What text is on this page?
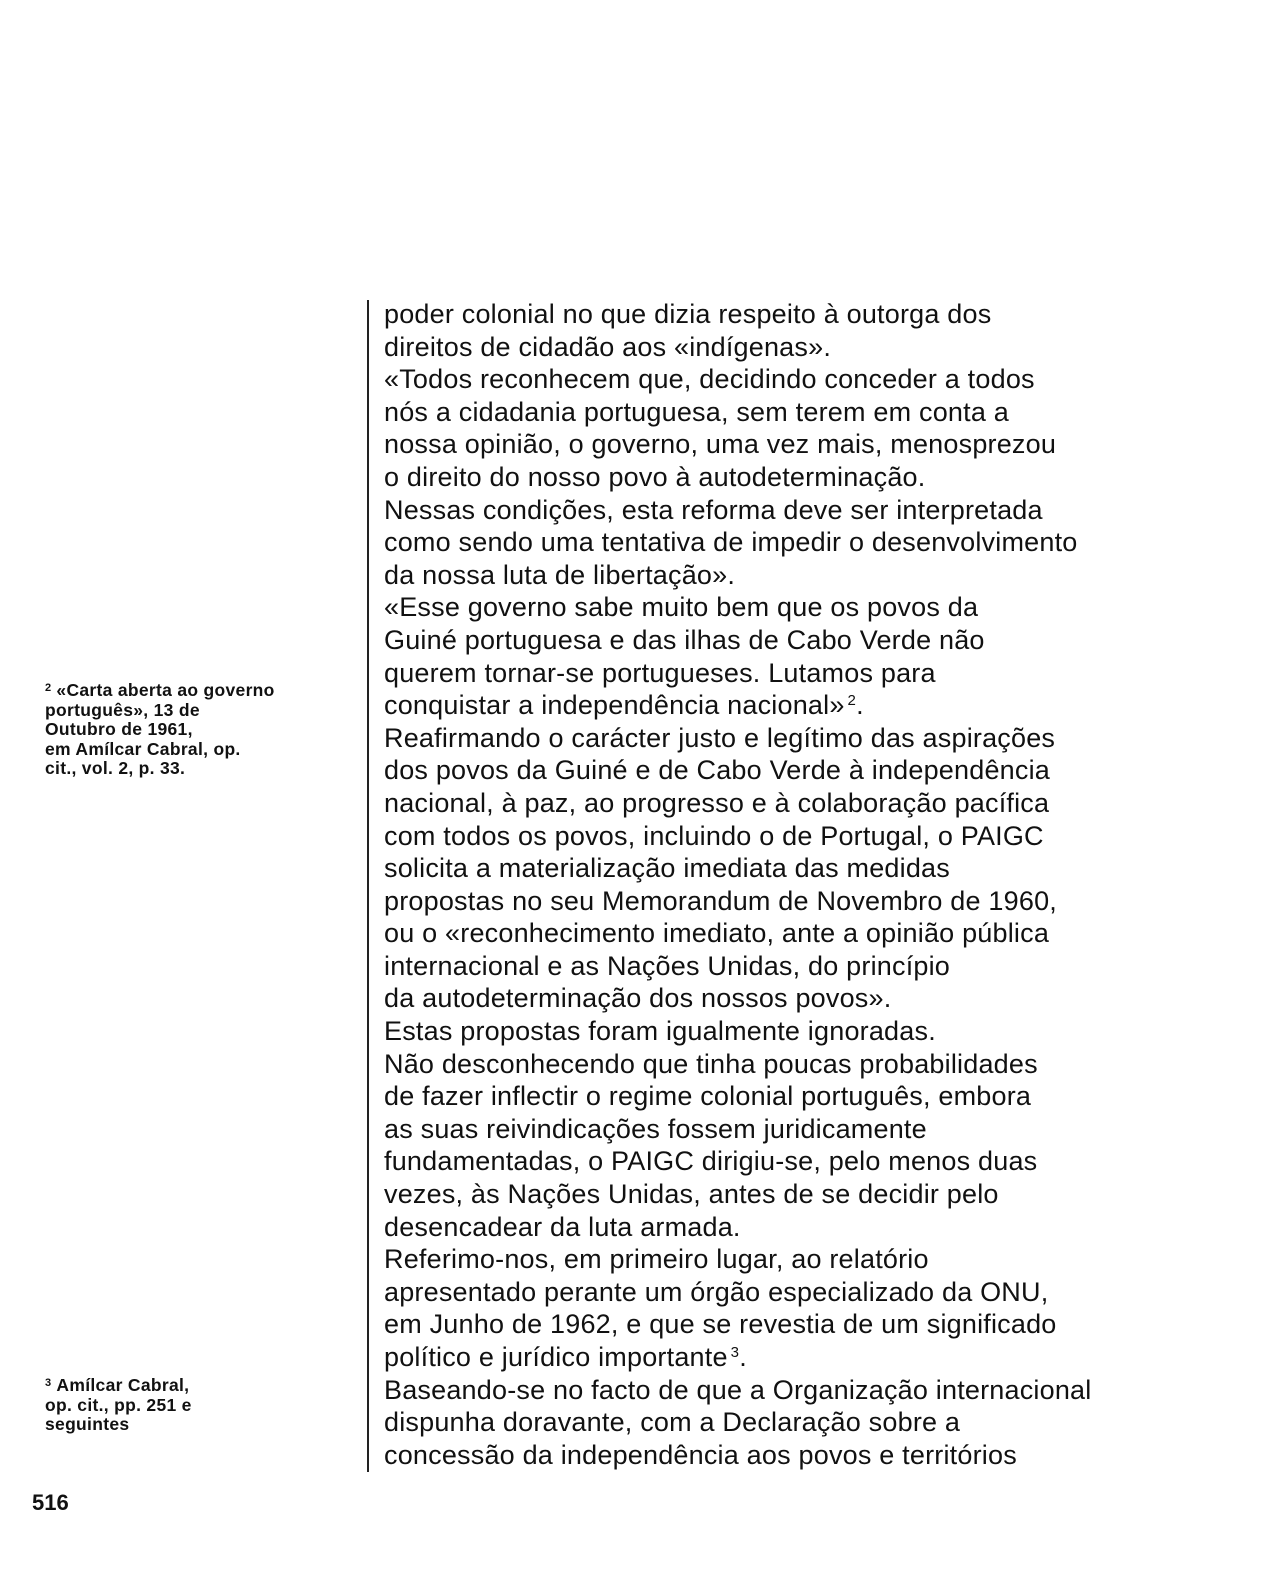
poder colonial no que dizia respeito à outorga dos
direitos de cidadão aos «indígenas».
«Todos reconhecem que, decidindo conceder a todos
nós a cidadania portuguesa, sem terem em conta a
nossa opinião, o governo, uma vez mais, menosprezou
o direito do nosso povo à autodeterminação.
Nessas condições, esta reforma deve ser interpretada
como sendo uma tentativa de impedir o desenvolvimento
da nossa luta de libertação».
«Esse governo sabe muito bem que os povos da
Guiné portuguesa e das ilhas de Cabo Verde não
querem tornar-se portugueses. Lutamos para
conquistar a independência nacional» $^2$.
Reafirmando o carácter justo e legítimo das aspirações
dos povos da Guiné e de Cabo Verde à independência
nacional, à paz, ao progresso e à colaboração pacífica
com todos os povos, incluindo o de Portugal, o PAIGC
solicita a materialização imediata das medidas
propostas no seu Memorandum de Novembro de 1960,
ou o «reconhecimento imediato, ante a opinião pública
internacional e as Nações Unidas, do princípio
da autodeterminação dos nossos povos».
Estas propostas foram igualmente ignoradas.
Não desconhecendo que tinha poucas probabilidades
de fazer inflectir o regime colonial português, embora
as suas reivindicações fossem juridicamente
fundamentadas, o PAIGC dirigiu-se, pelo menos duas
vezes, às Nações Unidas, antes de se decidir pelo
desencadear da luta armada.
Referimo-nos, em primeiro lugar, ao relatório
apresentado perante um órgão especializado da ONU,
em Junho de 1962, e que se revestia de um significado
político e jurídico importante $^3$.
Baseando-se no facto de que a Organização internacional
dispunha doravante, com a Declaração sobre a
concessão da independência aos povos e territórios
$^2$ «Carta aberta ao governo
português», 13 de
Outubro de 1961,
em Amílcar Cabral, op.
cit., vol. 2, p. 33.
$^3$ Amílcar Cabral,
op. cit., pp. 251 e
seguintes
516
